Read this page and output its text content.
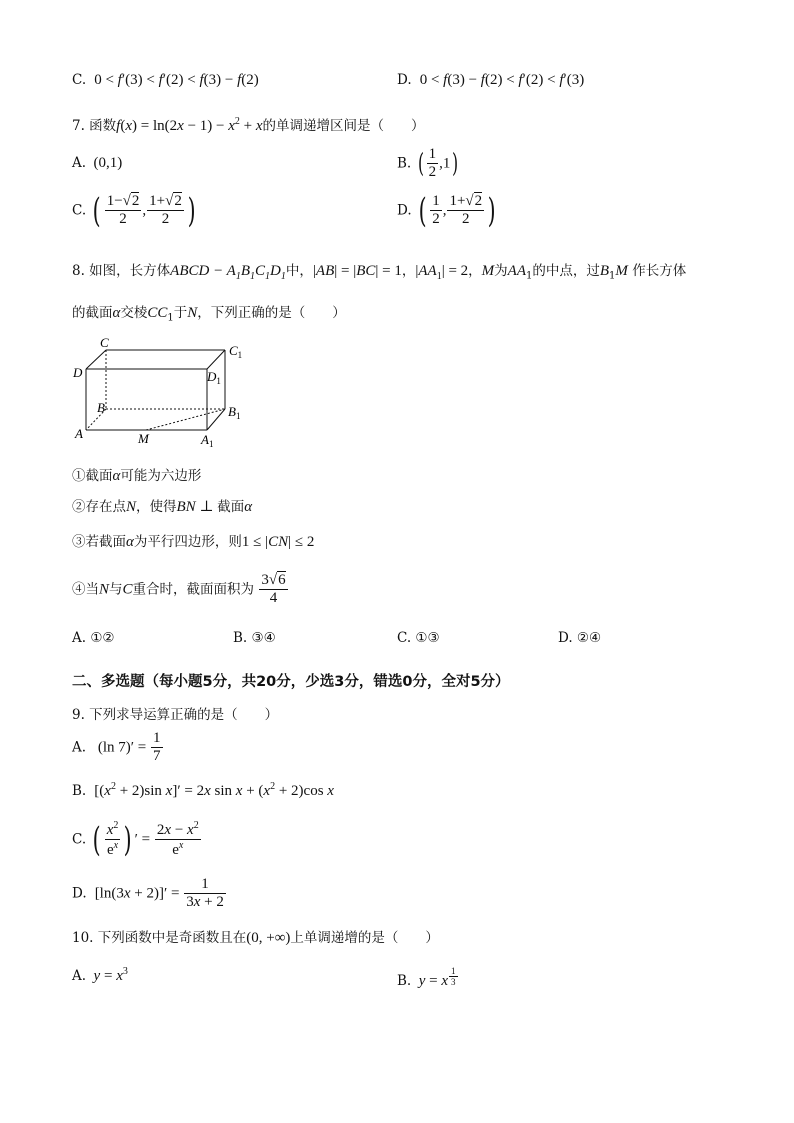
C.  0 < f′(3) < f′(2) < f(3) − f(2)	D.  0 < f(3) − f(2) < f′(2) < f′(3)
7. 函数$f(x) = \ln(2x - 1) - x^2 + x$的单调递增区间是（　　）
A.  (0,1)	B. ( $\frac{1}{2} ,1$)
C. ( $\frac{1-√2}{2}$ , $\frac{1+√2}{2}$ )	D. ( $\frac{1}{2}$ , $\frac{1+√2}{2}$ )
8. 如图，长方体ABCD − $A_1B_1C_1D_1$中，|AB| = |BC| = 1，$|AA_1| = 2$，M为$AA_1$的中点，过$B_1M$ 作长方体
的截面α交棱$CC_1$于N，下列正确的是（　　）
C
$C_1$
D	$D_1$
B	$B_1$
A	$A_1$
M
①截面α可能为六边形
②存在点N，使得BN ⊥ 截面α
③若截面α为平行四边形，则1 ≤ |CN| ≤ 2
④当N与C重合时，截面面积为 $\frac{3√6}{4}$
A. ①②	B. ③④	C. ①③	D. ②④
二、多选题（每小题5分，共20分，少选3分，错选0分，全对5分）
9. 下列求导运算正确的是（　　）
A.   (ln $7)' = \frac{1}{7}$
B.  [$(x^2 + 2)\sin$ x]′ = 2x $\sin x + (x^2 + 2)\cos$ x
C. ( $\frac{x^2}{e^x}$ ) ′ = $\frac{2x - x^2}{e^x}$
D.  $[\ln(3x + 2)]' = \frac{1}{3x + 2}$
10. 下列函数中是奇函数且在(0, +∞)上单调递增的是（　　）
A. $y = x^3$
B. y = x $^{\frac{1}{3}}$
